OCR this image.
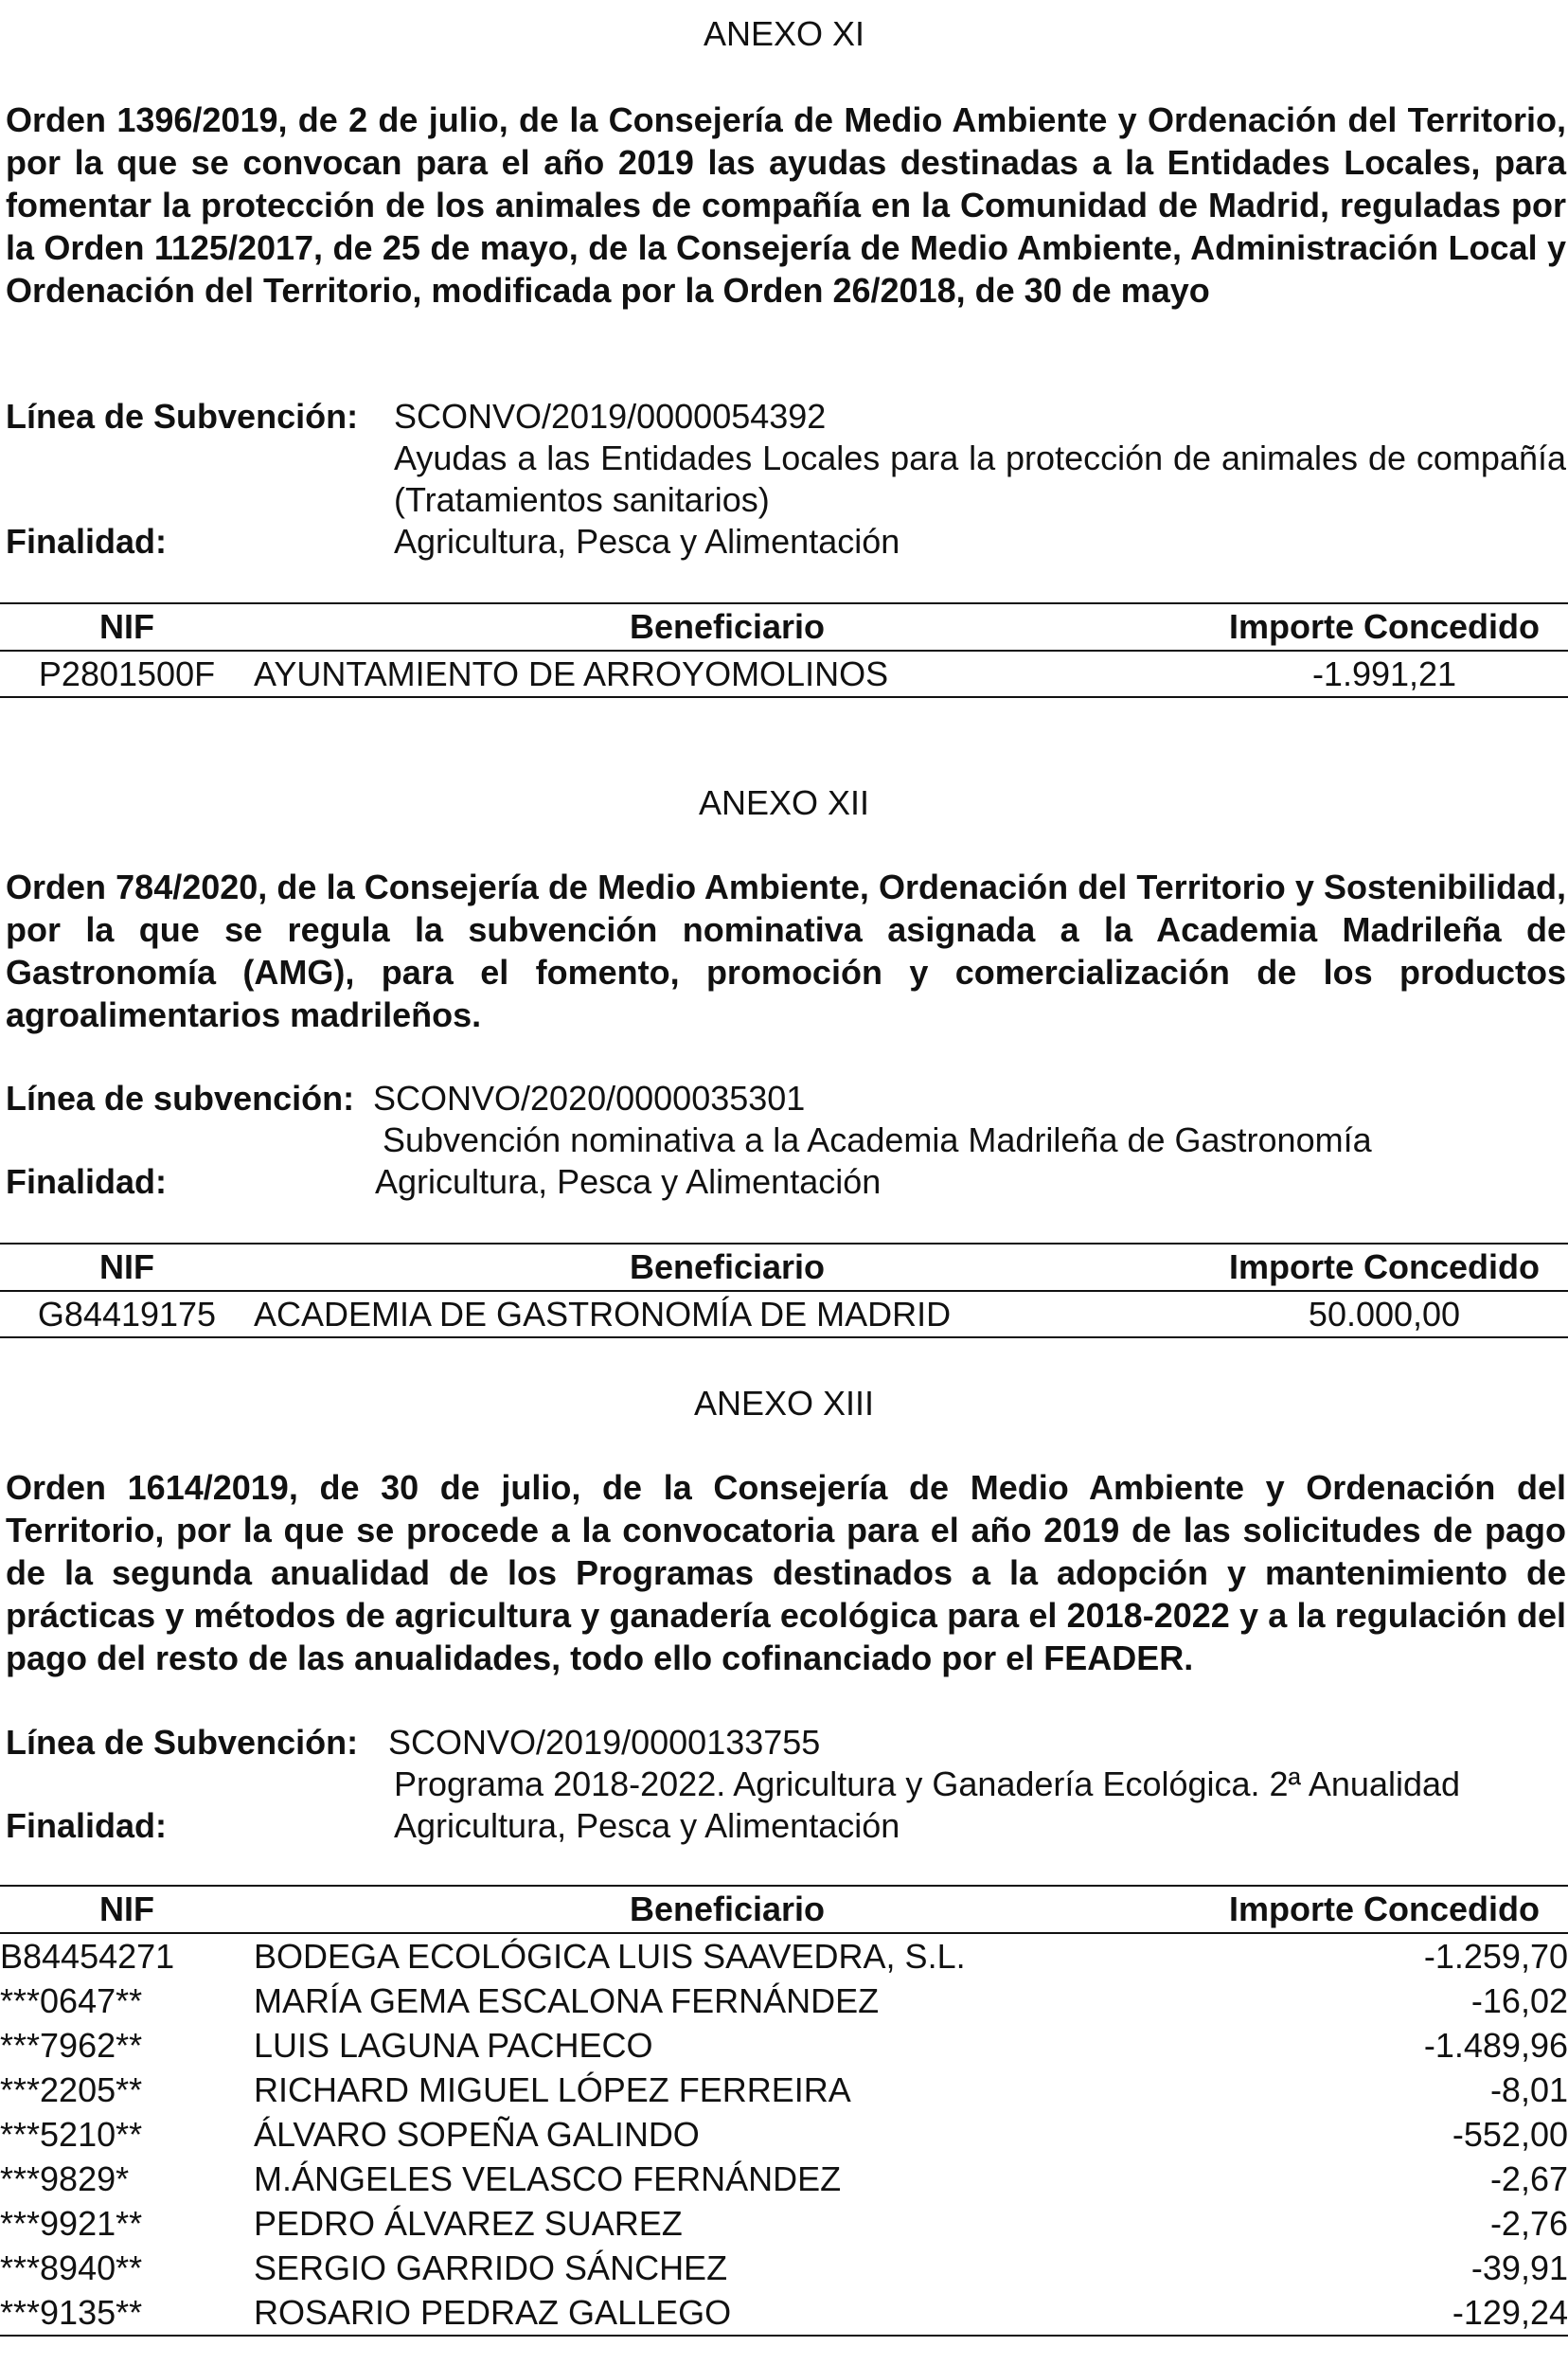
ANEXO XI
Orden 1396/2019, de 2 de julio, de la Consejería de Medio Ambiente y Ordenación del Territorio, por la que se convocan para el año 2019 las ayudas destinadas a la Entidades Locales, para fomentar la protección de los animales de compañía en la Comunidad de Madrid, reguladas por la Orden 1125/2017, de 25 de mayo, de la Consejería de Medio Ambiente, Administración Local y Ordenación del Territorio, modificada por la Orden 26/2018, de 30 de mayo
Línea de Subvención: SCONVO/2019/0000054392
Ayudas a las Entidades Locales para la protección de animales de compañía (Tratamientos sanitarios)
Finalidad:	Agricultura, Pesca y Alimentación
NIF	Beneficiario	Importe Concedido
P2801500F	AYUNTAMIENTO DE ARROYOMOLINOS	-1.991,21
ANEXO XII
Orden 784/2020, de la Consejería de Medio Ambiente, Ordenación del Territorio y Sostenibilidad, por la que se regula la subvención nominativa asignada a la Academia Madrileña de Gastronomía (AMG), para el fomento, promoción y comercialización de los productos agroalimentarios madrileños.
Línea de subvención: SCONVO/2020/0000035301
Subvención nominativa a la Academia Madrileña de Gastronomía
Finalidad:	Agricultura, Pesca y Alimentación
NIF	Beneficiario	Importe Concedido
G84419175	ACADEMIA DE GASTRONOMÍA DE MADRID	50.000,00
ANEXO XIII
Orden 1614/2019, de 30 de julio, de la Consejería de Medio Ambiente y Ordenación del Territorio, por la que se procede a la convocatoria para el año 2019 de las solicitudes de pago de la segunda anualidad de los Programas destinados a la adopción y mantenimiento de prácticas y métodos de agricultura y ganadería ecológica para el 2018-2022 y a la regulación del pago del resto de las anualidades, todo ello cofinanciado por el FEADER.
Línea de Subvención: SCONVO/2019/0000133755
Programa 2018-2022. Agricultura y Ganadería Ecológica. 2ª Anualidad
Finalidad:	Agricultura, Pesca y Alimentación
NIF	Beneficiario	Importe Concedido
B84454271	BODEGA ECOLÓGICA LUIS SAAVEDRA, S.L.	-1.259,70
***0647**	MARÍA GEMA ESCALONA FERNÁNDEZ	-16,02
***7962**	LUIS LAGUNA PACHECO	-1.489,96
***2205**	RICHARD MIGUEL LÓPEZ FERREIRA	-8,01
***5210**	ÁLVARO SOPEÑA GALINDO	-552,00
***9829*	M.ÁNGELES VELASCO FERNÁNDEZ	-2,67
***9921**	PEDRO ÁLVAREZ SUAREZ	-2,76
***8940**	SERGIO GARRIDO SÁNCHEZ	-39,91
***9135**	ROSARIO PEDRAZ GALLEGO	-129,24
